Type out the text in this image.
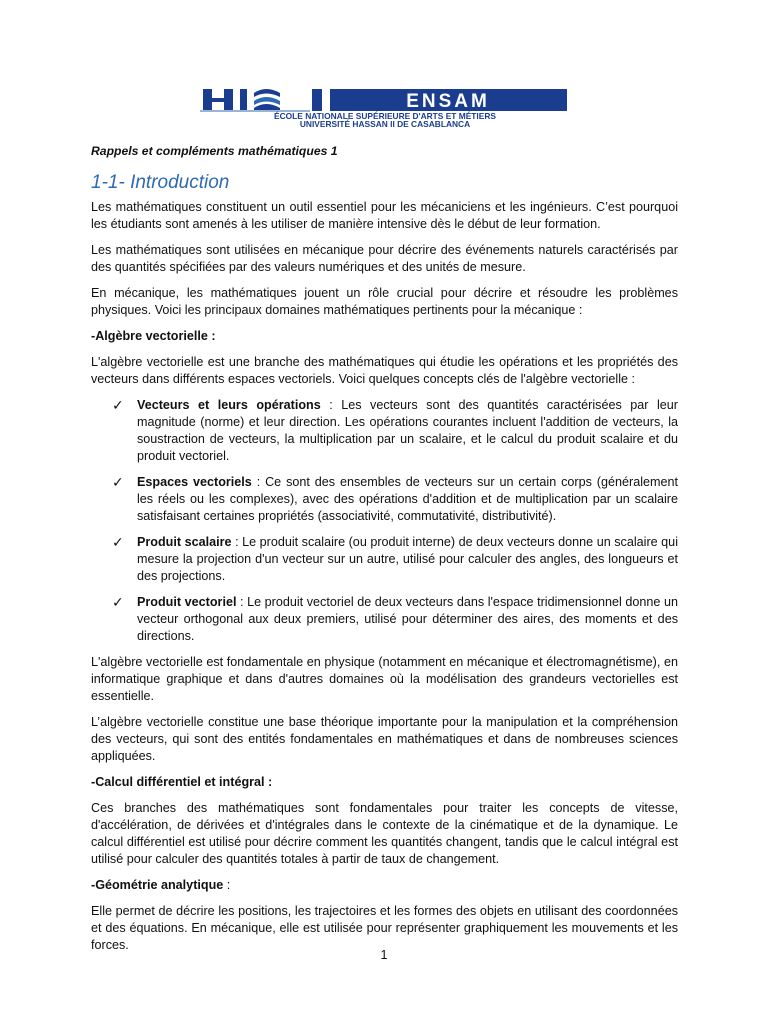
ENSAM
ÉCOLE NATIONALE SUPÉRIEURE D'ARTS ET MÉTIERS
UNIVERSITÉ HASSAN II DE CASABLANCA
Rappels et compléments mathématiques 1
1-1- Introduction

Les mathématiques constituent un outil essentiel pour les mécaniciens et les ingénieurs. C’est pourquoi les étudiants sont amenés à les utiliser de manière intensive dès le début de leur formation.

Les mathématiques sont utilisées en mécanique pour décrire des événements naturels caractérisés par des quantités spécifiées par des valeurs numériques et des unités de mesure.

En mécanique, les mathématiques jouent un rôle crucial pour décrire et résoudre les problèmes physiques. Voici les principaux domaines mathématiques pertinents pour la mécanique :

-Algèbre vectorielle :

L'algèbre vectorielle est une branche des mathématiques qui étudie les opérations et les propriétés des vecteurs dans différents espaces vectoriels. Voici quelques concepts clés de l'algèbre vectorielle :

✓ Vecteurs et leurs opérations : Les vecteurs sont des quantités caractérisées par leur magnitude (norme) et leur direction. Les opérations courantes incluent l'addition de vecteurs, la soustraction de vecteurs, la multiplication par un scalaire, et le calcul du produit scalaire et du produit vectoriel.
✓ Espaces vectoriels : Ce sont des ensembles de vecteurs sur un certain corps (généralement les réels ou les complexes), avec des opérations d'addition et de multiplication par un scalaire satisfaisant certaines propriétés (associativité, commutativité, distributivité).
✓ Produit scalaire : Le produit scalaire (ou produit interne) de deux vecteurs donne un scalaire qui mesure la projection d'un vecteur sur un autre, utilisé pour calculer des angles, des longueurs et des projections.
✓ Produit vectoriel : Le produit vectoriel de deux vecteurs dans l'espace tridimensionnel donne un vecteur orthogonal aux deux premiers, utilisé pour déterminer des aires, des moments et des directions.

L'algèbre vectorielle est fondamentale en physique (notamment en mécanique et électromagnétisme), en informatique graphique et dans d'autres domaines où la modélisation des grandeurs vectorielles est essentielle.

L’algèbre vectorielle constitue une base théorique importante pour la manipulation et la compréhension des vecteurs, qui sont des entités fondamentales en mathématiques et dans de nombreuses sciences appliquées.

-Calcul différentiel et intégral :

Ces branches des mathématiques sont fondamentales pour traiter les concepts de vitesse, d'accélération, de dérivées et d'intégrales dans le contexte de la cinématique et de la dynamique. Le calcul différentiel est utilisé pour décrire comment les quantités changent, tandis que le calcul intégral est utilisé pour calculer des quantités totales à partir de taux de changement.

-Géométrie analytique :

Elle permet de décrire les positions, les trajectoires et les formes des objets en utilisant des coordonnées et des équations. En mécanique, elle est utilisée pour représenter graphiquement les mouvements et les forces.

1
